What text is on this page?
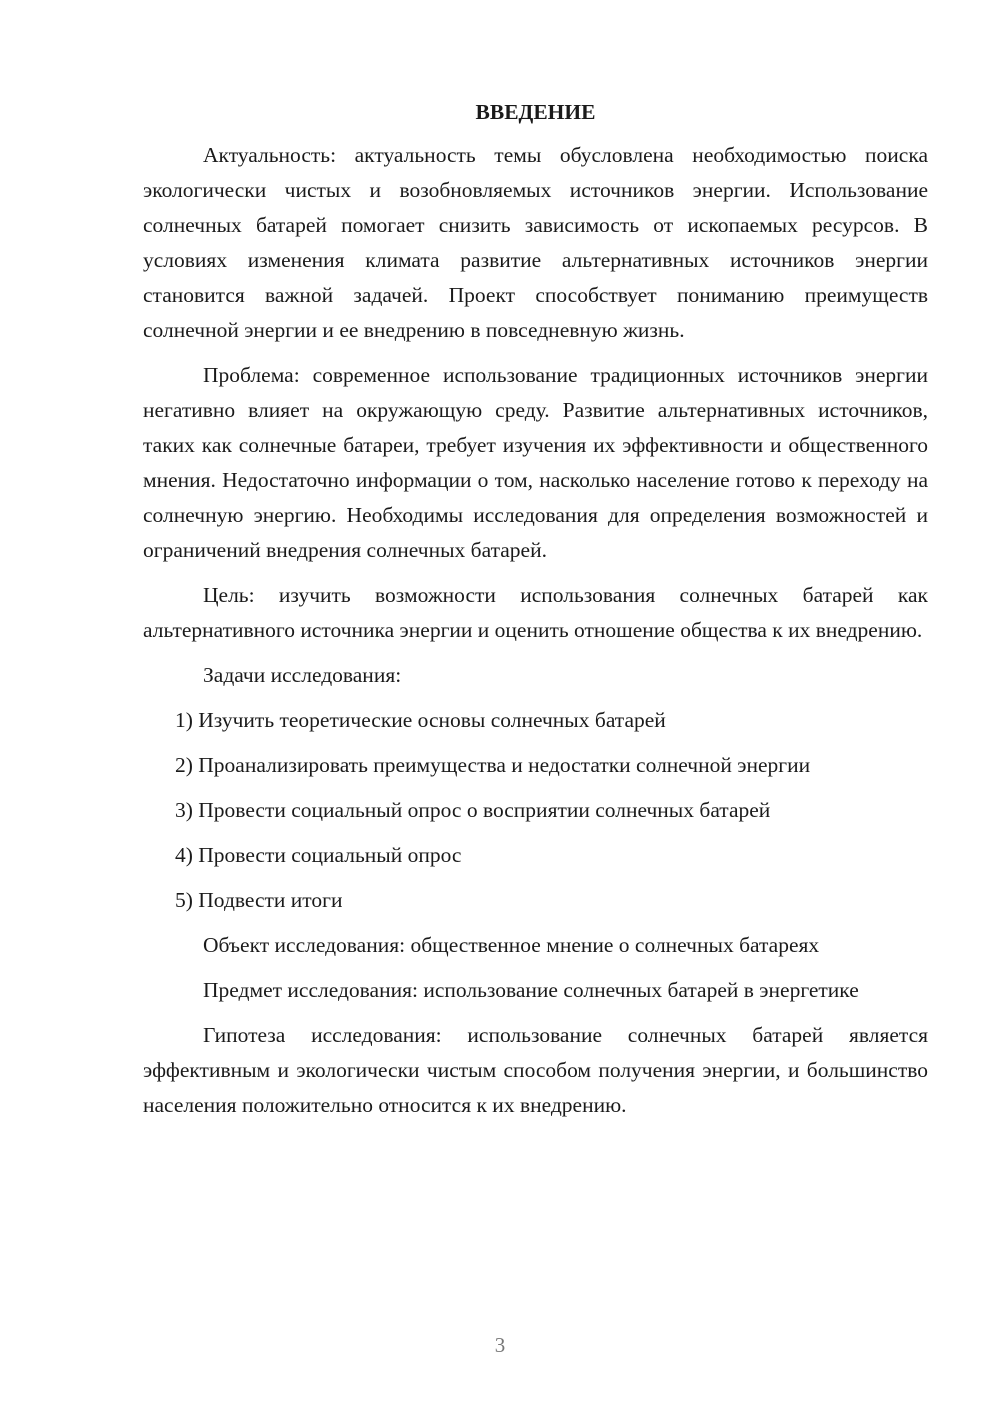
ВВЕДЕНИЕ

Актуальность: актуальность темы обусловлена необходимостью поиска экологически чистых и возобновляемых источников энергии. Использование солнечных батарей помогает снизить зависимость от ископаемых ресурсов. В условиях изменения климата развитие альтернативных источников энергии становится важной задачей. Проект способствует пониманию преимуществ солнечной энергии и ее внедрению в повседневную жизнь.

Проблема: современное использование традиционных источников энергии негативно влияет на окружающую среду. Развитие альтернативных источников, таких как солнечные батареи, требует изучения их эффективности и общественного мнения. Недостаточно информации о том, насколько население готово к переходу на солнечную энергию. Необходимы исследования для определения возможностей и ограничений внедрения солнечных батарей.

Цель: изучить возможности использования солнечных батарей как альтернативного источника энергии и оценить отношение общества к их внедрению.

Задачи исследования:

1) Изучить теоретические основы солнечных батарей
2) Проанализировать преимущества и недостатки солнечной энергии
3) Провести социальный опрос о восприятии солнечных батарей
4) Провести социальный опрос
5) Подвести итоги

Объект исследования: общественное мнение о солнечных батареях

Предмет исследования: использование солнечных батарей в энергетике

Гипотеза исследования: использование солнечных батарей является эффективным и экологически чистым способом получения энергии, и большинство населения положительно относится к их внедрению.

3
